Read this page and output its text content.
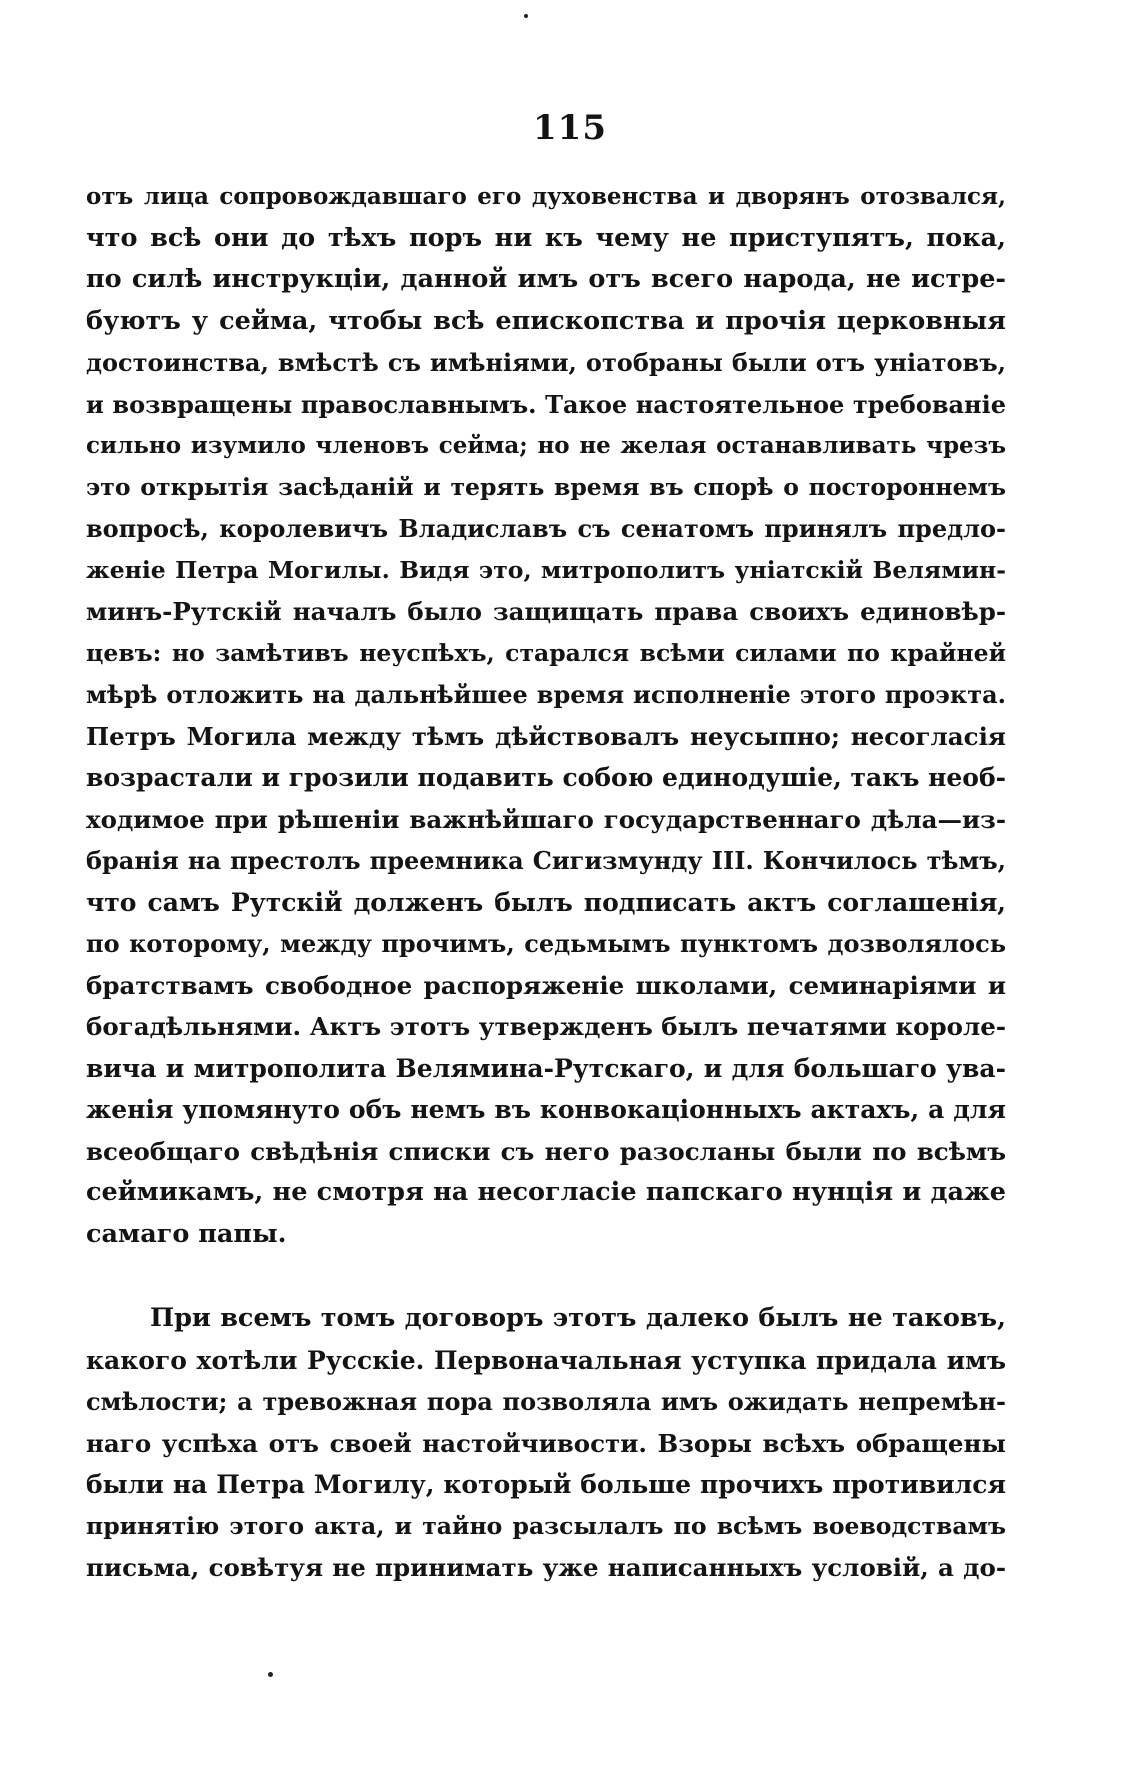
115
отъ лица сопровождавшаго его духовенства и дворянъ отозвался,
что всѣ они до тѣхъ поръ ни къ чему не приступятъ, пока,
по силѣ инструкціи, данной имъ отъ всего народа, не истре-
буютъ у сейма, чтобы всѣ епископства и прочія церковныя
достоинства, вмѣстѣ съ имѣніями, отобраны были отъ уніатовъ,
и возвращены православнымъ. Такое настоятельное требованіе
сильно изумило членовъ сейма; но не желая останавливать чрезъ
это открытія засѣданій и терять время въ спорѣ о постороннемъ
вопросѣ, королевичъ Владиславъ съ сенатомъ принялъ предло-
женіе Петра Могилы. Видя это, митрополитъ уніатскій Велямин-
минъ-Рутскій началъ было защищать права своихъ единовѣр-
цевъ: но замѣтивъ неуспѣхъ, старался всѣми силами по крайней
мѣрѣ отложить на дальнѣйшее время исполненіе этого проэкта.
Петръ Могила между тѣмъ дѣйствовалъ неусыпно; несогласія
возрастали и грозили подавить собою единодушіе, такъ необ-
ходимое при рѣшеніи важнѣйшаго государственнаго дѣла—из-
бранія на престолъ преемника Сигизмунду III. Кончилось тѣмъ,
что самъ Рутскій долженъ былъ подписать актъ соглашенія,
по которому, между прочимъ, седьмымъ пунктомъ дозволялось
братствамъ свободное распоряженіе школами, семинаріями и
богадѣльнями. Актъ этотъ утвержденъ былъ печатями короле-
вича и митрополита Велямина-Рутскаго, и для большаго ува-
женія упомянуто объ немъ въ конвокаціонныхъ актахъ, а для
всеобщаго свѣдѣнія списки съ него разосланы были по всѣмъ
сеймикамъ, не смотря на несогласіе папскаго нунція и даже
самаго папы.
При всемъ томъ договоръ этотъ далеко былъ не таковъ,
какого хотѣли Русскіе. Первоначальная уступка придала имъ
смѣлости; а тревожная пора позволяла имъ ожидать непремѣн-
наго успѣха отъ своей настойчивости. Взоры всѣхъ обращены
были на Петра Могилу, который больше прочихъ противился
принятію этого акта, и тайно разсылалъ по всѣмъ воеводствамъ
письма, совѣтуя не принимать уже написанныхъ условій, а до-
